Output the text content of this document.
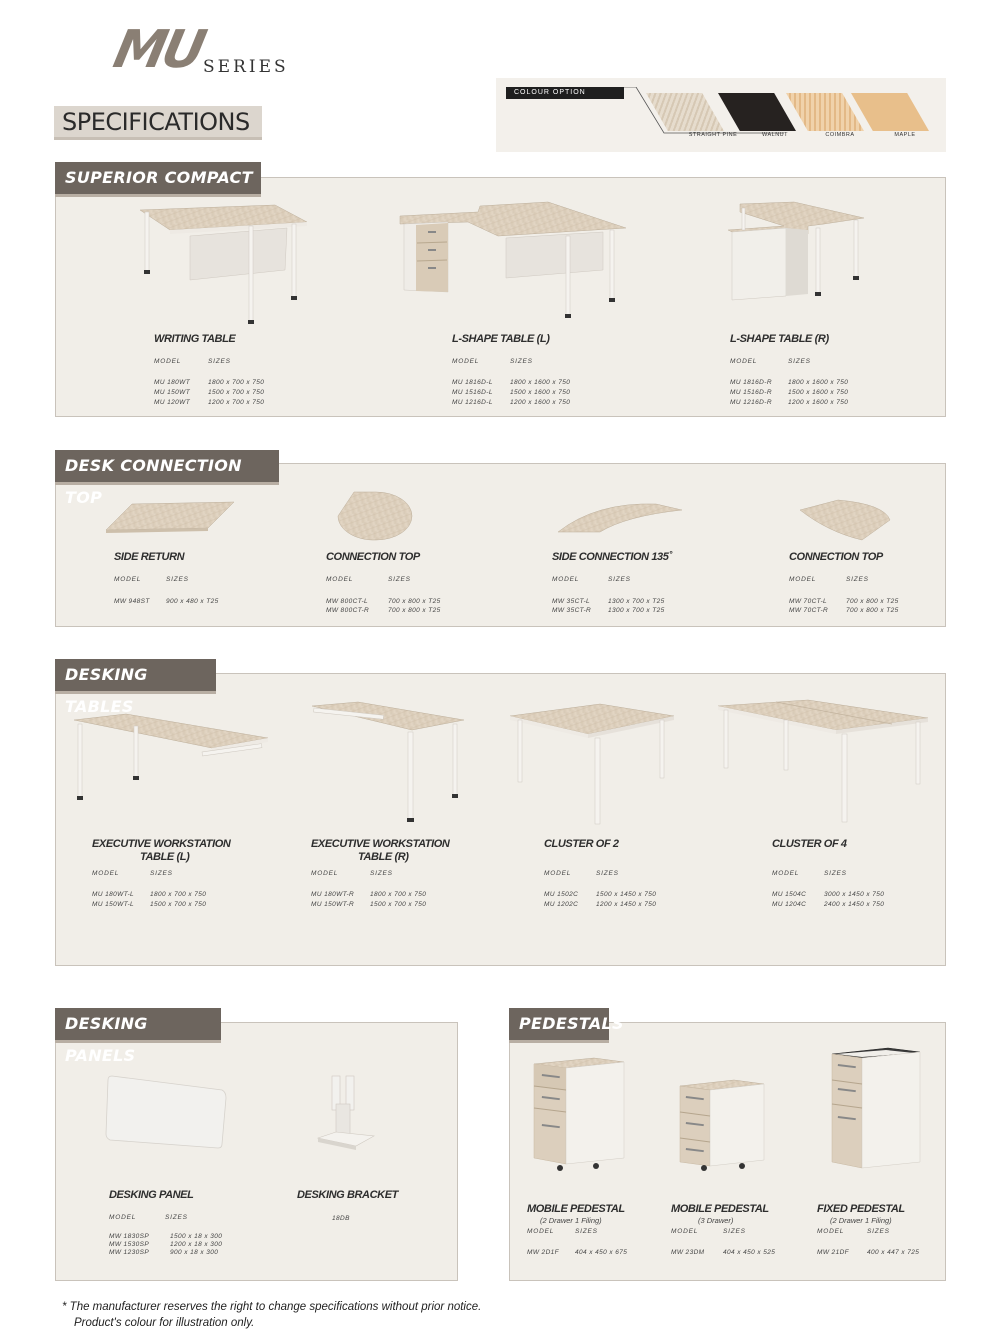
MU
SERIES
SPECIFICATIONS
COLOUR OPTION
STRAIGHT PINE	WALNUT	COIMBRA	MAPLE
SUPERIOR COMPACT
WRITING TABLE
MODEL	SIZES
MU 180WT	1800 x 700 x 750
MU 150WT	1500 x 700 x 750
MU 120WT	1200 x 700 x 750
L-SHAPE TABLE (L)
MODEL	SIZES
MU 1816D-L	1800 x 1600 x 750
MU 1516D-L	1500 x 1600 x 750
MU 1216D-L	1200 x 1600 x 750
L-SHAPE TABLE (R)
MODEL	SIZES
MU 1816D-R 1800 x 1600 x 750
MU 1516D-R 1500 x 1600 x 750
MU 1216D-R 1200 x 1600 x 750
DESK CONNECTION TOP
SIDE RETURN
MODEL	SIZES
MW 948ST	900 x 480 x T25
CONNECTION TOP
MODEL	SIZES
MW 800CT-L	700 x 800 x T25
MW 800CT-R	700 x 800 x T25
SIDE CONNECTION 135˚
MODEL	SIZES
MW 35CT-L	1300 x 700 x T25
MW 35CT-R	1300 x 700 x T25
CONNECTION TOP
MODEL	SIZES
MW 70CT-L	700 x 800 x T25
MW 70CT-R	700 x 800 x T25
DESKING TABLES
EXECUTIVE WORKSTATION
TABLE (L)
MODEL	SIZES
MU 180WT-L 1800 x 700 x 750
MU 150WT-L 1500 x 700 x 750
EXECUTIVE WORKSTATION
TABLE (R)
MODEL	SIZES
MU 180WT-R 1800 x 700 x 750
MU 150WT-R 1500 x 700 x 750
CLUSTER OF 2
MODEL	SIZES
MU 1502C	1500 x 1450 x 750
MU 1202C	1200 x 1450 x 750
CLUSTER OF 4
MODEL	SIZES
MU 1504C	3000 x 1450 x 750
MU 1204C	2400 x 1450 x 750
DESKING PANELS
DESKING PANEL
MODEL	SIZES
MW 1830SP	1500 x 18 x 300
MW 1530SP	1200 x 18 x 300
MW 1230SP	900 x 18 x 300
DESKING BRACKET
18DB
PEDESTALS
MOBILE PEDESTAL
(2 Drawer 1 Filing)
MODEL	SIZES
MW 2D1F 404 x 450 x 675
MOBILE PEDESTAL
(3 Drawer)
MODEL	SIZES
MW 23DM	404 x 450 x 525
FIXED PEDESTAL
(2 Drawer 1 Filing)
MODEL	SIZES
MW 21DF	400 x 447 x 725
* The manufacturer reserves the right to change specifications without prior notice.
Product's colour for illustration only.
